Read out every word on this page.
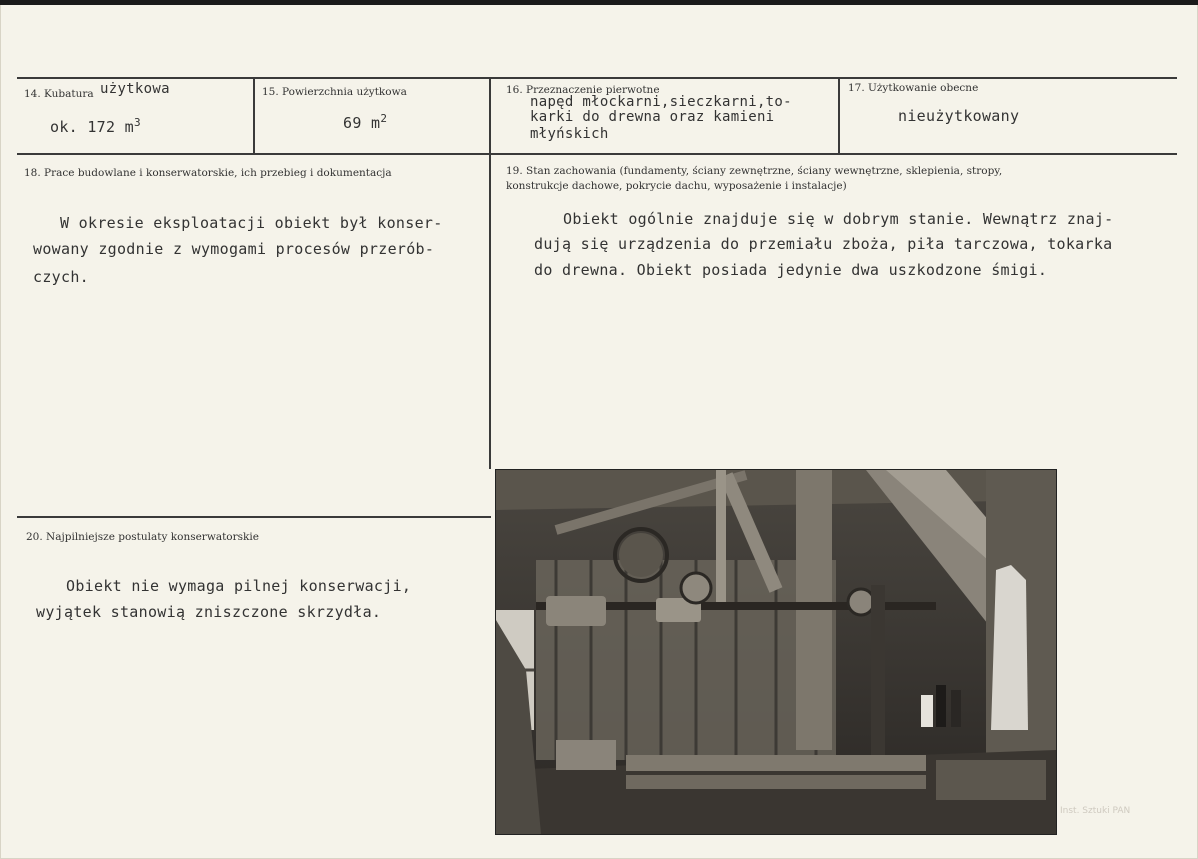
14. Kubatura użytkowa
ok. 172 $m^3$
15. Powierzchnia użytkowa
69 $m^2$
16. Przeznaczenie pierwotne
napęd młockarni,sieczkarni,to-
karki do drewna oraz kamieni
młyńskich
17. Użytkowanie obecne
nieużytkowany
18. Prace budowlane i konserwatorskie, ich przebieg i dokumentacja
W okresie eksploatacji obiekt był konser-
wowany zgodnie z wymogami procesów przerób-
czych.
19. Stan zachowania (fundamenty, ściany zewnętrzne, ściany wewnętrzne, sklepienia, stropy,
konstrukcje dachowe, pokrycie dachu, wyposażenie i instalacje)
Obiekt ogólnie znajduje się w dobrym stanie. Wewnątrz znaj-
dują się urządzenia do przemiału zboża, piła tarczowa, tokarka
do drewna. Obiekt posiada jedynie dwa uszkodzone śmigi.
20. Najpilniejsze postulaty konserwatorskie
Obiekt nie wymaga pilnej konserwacji,
wyjątek stanowią zniszczone skrzydła.
Inst. Sztuki PAN
